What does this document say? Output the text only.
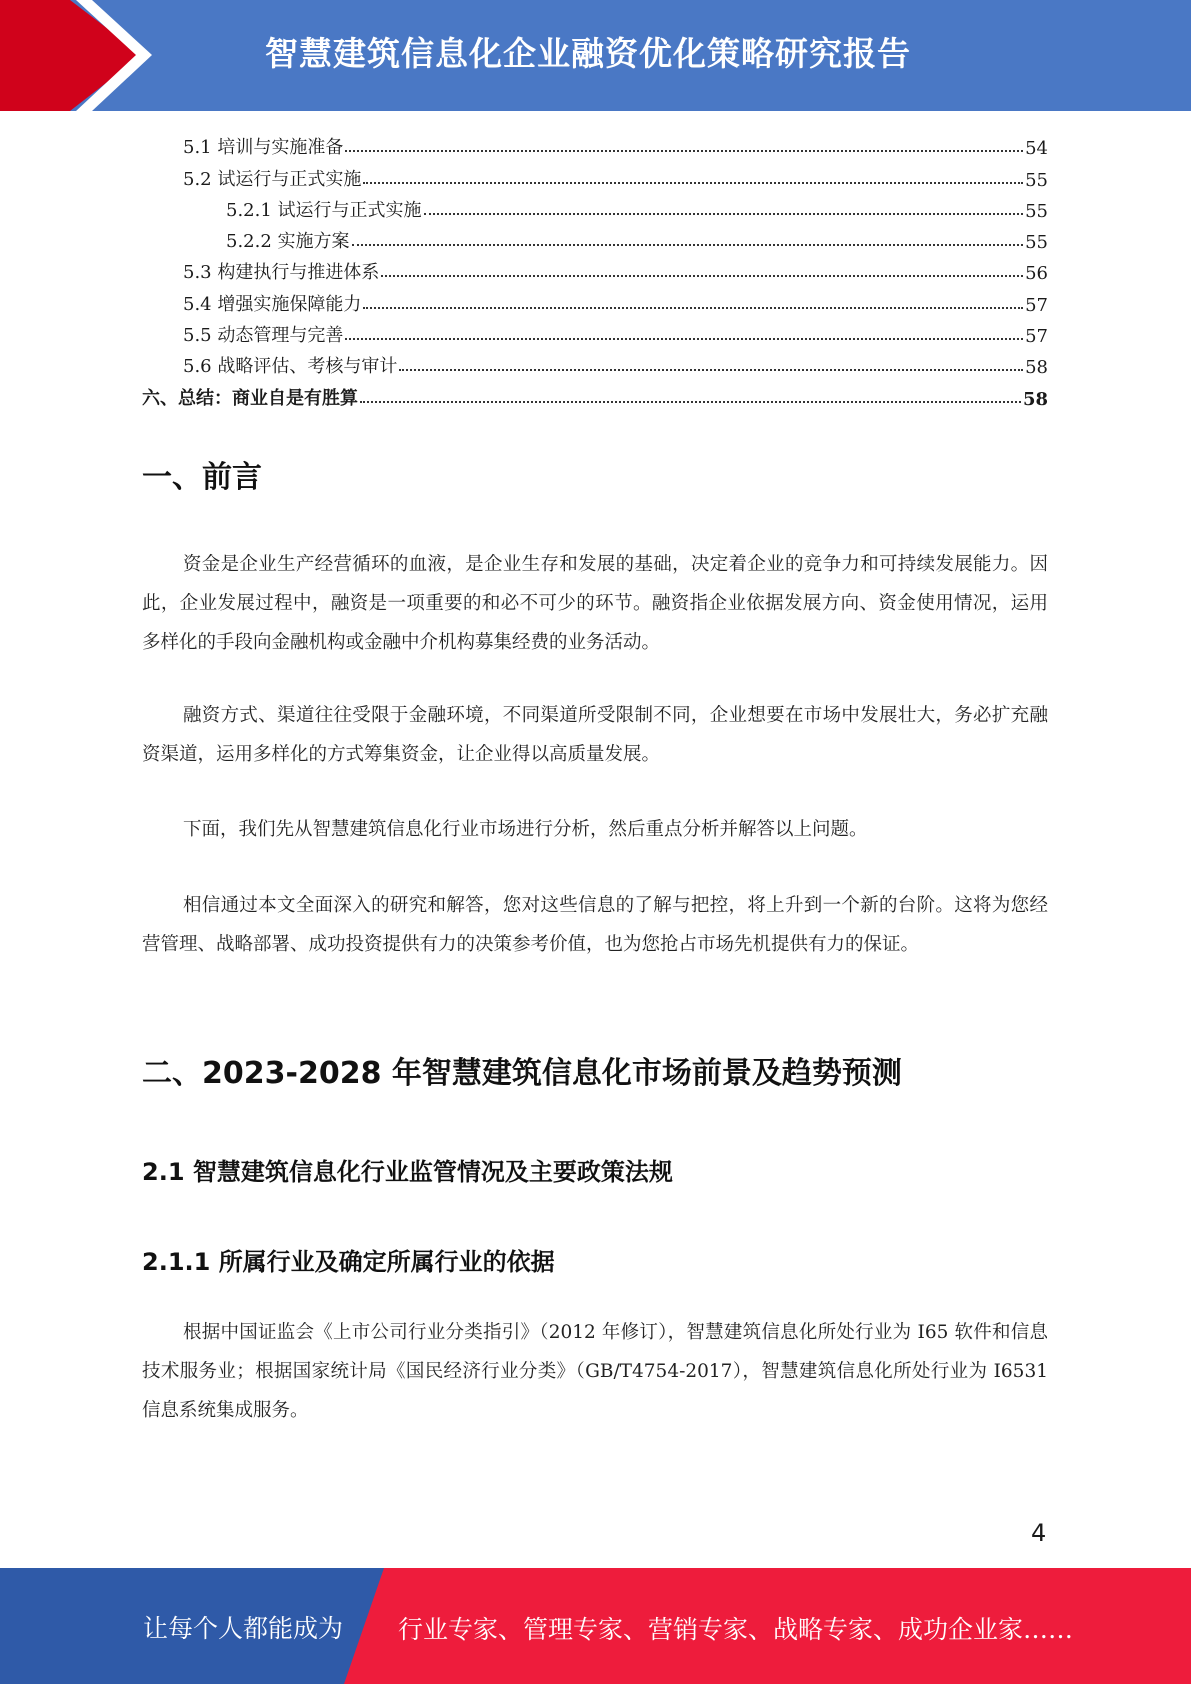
智慧建筑信息化企业融资优化策略研究报告
5.1 培训与实施准备	54
5.2 试运行与正式实施	55
5.2.1 试运行与正式实施	55
5.2.2 实施方案	55
5.3 构建执行与推进体系	56
5.4 增强实施保障能力	57
5.5 动态管理与完善	57
5.6 战略评估、考核与审计	58
六、总结：商业自是有胜算	58
一、前言
资金是企业生产经营循环的血液，是企业生存和发展的基础，决定着企业的竞争力和可持续发展能力。因此，企业发展过程中，融资是一项重要的和必不可少的环节。融资指企业依据发展方向、资金使用情况，运用多样化的手段向金融机构或金融中介机构募集经费的业务活动。
融资方式、渠道往往受限于金融环境，不同渠道所受限制不同，企业想要在市场中发展壮大，务必扩充融资渠道，运用多样化的方式筹集资金，让企业得以高质量发展。
下面，我们先从智慧建筑信息化行业市场进行分析，然后重点分析并解答以上问题。
相信通过本文全面深入的研究和解答，您对这些信息的了解与把控，将上升到一个新的台阶。这将为您经营管理、战略部署、成功投资提供有力的决策参考价值，也为您抢占市场先机提供有力的保证。
二、2023-2028 年智慧建筑信息化市场前景及趋势预测
2.1 智慧建筑信息化行业监管情况及主要政策法规
2.1.1 所属行业及确定所属行业的依据
根据中国证监会《上市公司行业分类指引》（2012 年修订），智慧建筑信息化所处行业为 I65 软件和信息技术服务业；根据国家统计局《国民经济行业分类》（GB/T4754-2017），智慧建筑信息化所处行业为 I6531 信息系统集成服务。
4
让每个人都能成为 行业专家、管理专家、营销专家、战略专家、成功企业家……
